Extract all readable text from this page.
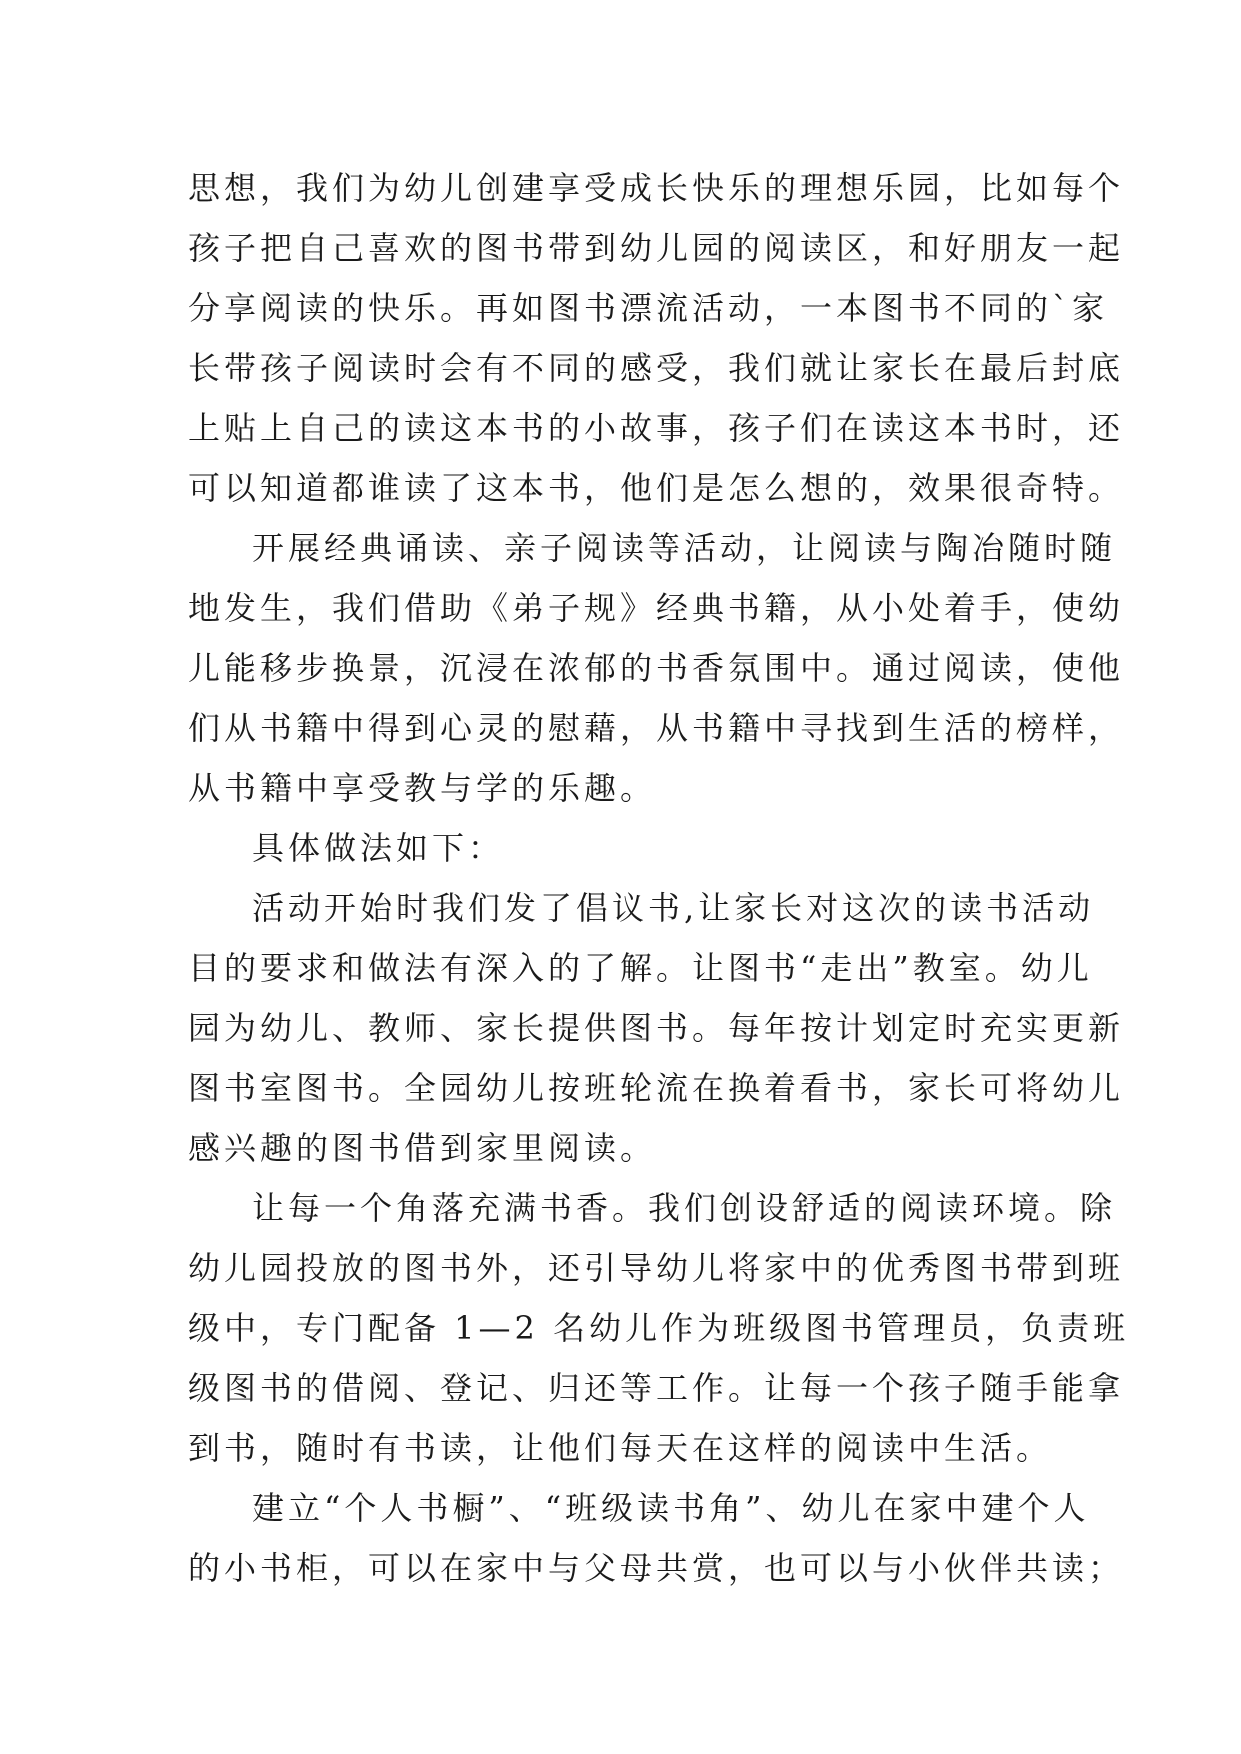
思想，我们为幼儿创建享受成长快乐的理想乐园，比如每个
孩子把自己喜欢的图书带到幼儿园的阅读区，和好朋友一起
分享阅读的快乐。再如图书漂流活动，一本图书不同的`家
长带孩子阅读时会有不同的感受，我们就让家长在最后封底
上贴上自己的读这本书的小故事，孩子们在读这本书时，还
可以知道都谁读了这本书，他们是怎么想的，效果很奇特。
开展经典诵读、亲子阅读等活动，让阅读与陶冶随时随
地发生，我们借助《弟子规》经典书籍，从小处着手，使幼
儿能移步换景，沉浸在浓郁的书香氛围中。通过阅读，使他
们从书籍中得到心灵的慰藉，从书籍中寻找到生活的榜样，
从书籍中享受教与学的乐趣。
具体做法如下：
活动开始时我们发了倡议书,让家长对这次的读书活动
目的要求和做法有深入的了解。让图书“走出”教室。幼儿
园为幼儿、教师、家长提供图书。每年按计划定时充实更新
图书室图书。全园幼儿按班轮流在换着看书，家长可将幼儿
感兴趣的图书借到家里阅读。
让每一个角落充满书香。我们创设舒适的阅读环境。除
幼儿园投放的图书外，还引导幼儿将家中的优秀图书带到班
级中，专门配备 1—2 名幼儿作为班级图书管理员，负责班
级图书的借阅、登记、归还等工作。让每一个孩子随手能拿
到书，随时有书读，让他们每天在这样的阅读中生活。
建立“个人书橱”、“班级读书角”、幼儿在家中建个人
的小书柜，可以在家中与父母共赏，也可以与小伙伴共读；
